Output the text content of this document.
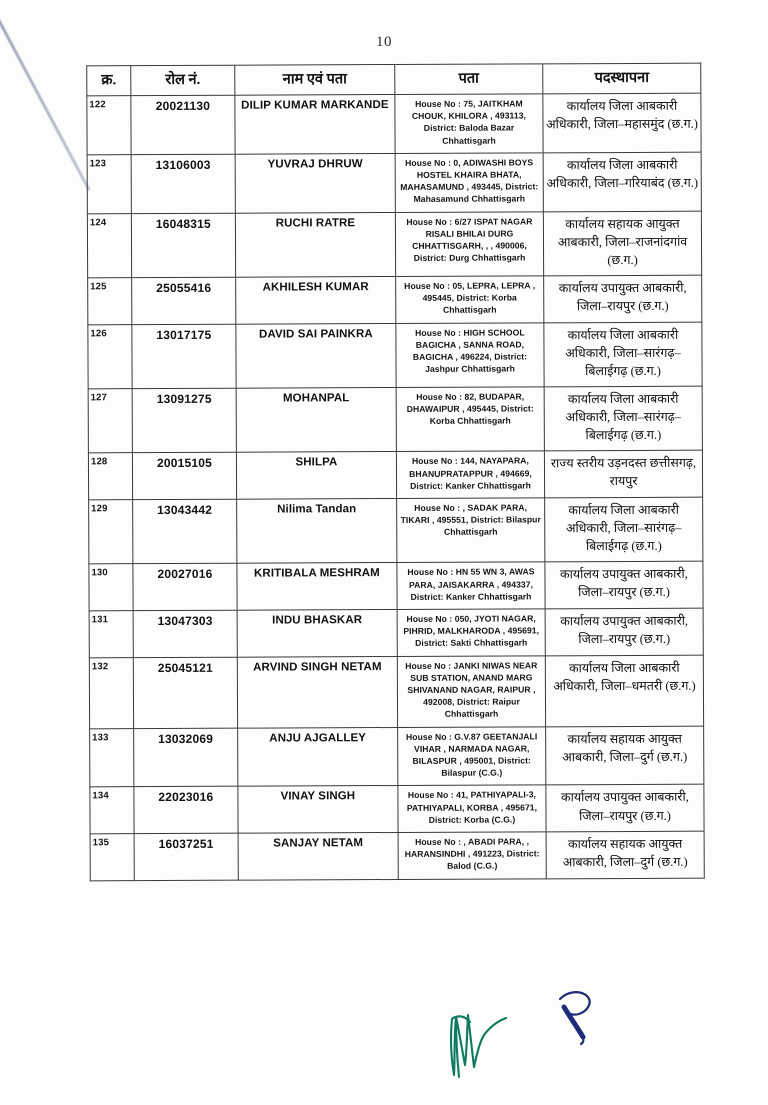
10
क्र.	रोल नं.	नाम एवं पता	पता	पदस्थापना
122	20021130	DILIP KUMAR MARKANDE	House No : 75, JAITKHAM CHOUK, KHILORA , 493113, District: Baloda Bazar Chhattisgarh	कार्यालय जिला आबकारी अधिकारी, जिला–महासमुंद (छ.ग.)
123	13106003	YUVRAJ DHRUW	House No : 0, ADIWASHI BOYS HOSTEL KHAIRA BHATA, MAHASAMUND , 493445, District: Mahasamund Chhattisgarh	कार्यालय जिला आबकारी अधिकारी, जिला–गरियाबंद (छ.ग.)
124	16048315	RUCHI RATRE	House No : 6/27 ISPAT NAGAR RISALI BHILAI DURG CHHATTISGARH, , , 490006, District: Durg Chhattisgarh	कार्यालय सहायक आयुक्त आबकारी, जिला–राजनांदगांव (छ.ग.)
125	25055416	AKHILESH KUMAR	House No : 05, LEPRA, LEPRA , 495445, District: Korba Chhattisgarh	कार्यालय उपायुक्त आबकारी, जिला–रायपुर (छ.ग.)
126	13017175	DAVID SAI PAINKRA	House No : HIGH SCHOOL BAGICHA , SANNA ROAD, BAGICHA , 496224, District: Jashpur Chhattisgarh	कार्यालय जिला आबकारी अधिकारी, जिला–सारंगढ़– बिलाईगढ़ (छ.ग.)
127	13091275	MOHANPAL	House No : 82, BUDAPAR, DHAWAIPUR , 495445, District: Korba Chhattisgarh	कार्यालय जिला आबकारी अधिकारी, जिला–सारंगढ़– बिलाईगढ़ (छ.ग.)
128	20015105	SHILPA	House No : 144, NAYAPARA, BHANUPRATAPPUR , 494669, District: Kanker Chhattisgarh	राज्य स्तरीय उड़नदस्त छत्तीसगढ़, रायपुर
129	13043442	Nilima Tandan	House No : , SADAK PARA, TIKARI , 495551, District: Bilaspur Chhattisgarh	कार्यालय जिला आबकारी अधिकारी, जिला–सारंगढ़– बिलाईगढ़ (छ.ग.)
130	20027016	KRITIBALA MESHRAM	House No : HN 55 WN 3, AWAS PARA, JAISAKARRA , 494337, District: Kanker Chhattisgarh	कार्यालय उपायुक्त आबकारी, जिला–रायपुर (छ.ग.)
131	13047303	INDU BHASKAR	House No : 050, JYOTI NAGAR, PIHRID, MALKHARODA , 495691, District: Sakti Chhattisgarh	कार्यालय उपायुक्त आबकारी, जिला–रायपुर (छ.ग.)
132	25045121	ARVIND SINGH NETAM	House No : JANKI NIWAS NEAR SUB STATION, ANAND MARG SHIVANAND NAGAR, RAIPUR , 492008, District: Raipur Chhattisgarh	कार्यालय जिला आबकारी अधिकारी, जिला–धमतरी (छ.ग.)
133	13032069	ANJU AJGALLEY	House No : G.V.87 GEETANJALI VIHAR , NARMADA NAGAR, BILASPUR , 495001, District: Bilaspur (C.G.)	कार्यालय सहायक आयुक्त आबकारी, जिला–दुर्ग (छ.ग.)
134	22023016	VINAY SINGH	House No : 41, PATHIYAPALI-3, PATHIYAPALI, KORBA , 495671, District: Korba (C.G.)	कार्यालय उपायुक्त आबकारी, जिला–रायपुर (छ.ग.)
135	16037251	SANJAY NETAM	House No : , ABADI PARA, , HARANSINDHI , 491223, District: Balod (C.G.)	कार्यालय सहायक आयुक्त आबकारी, जिला–दुर्ग (छ.ग.)
